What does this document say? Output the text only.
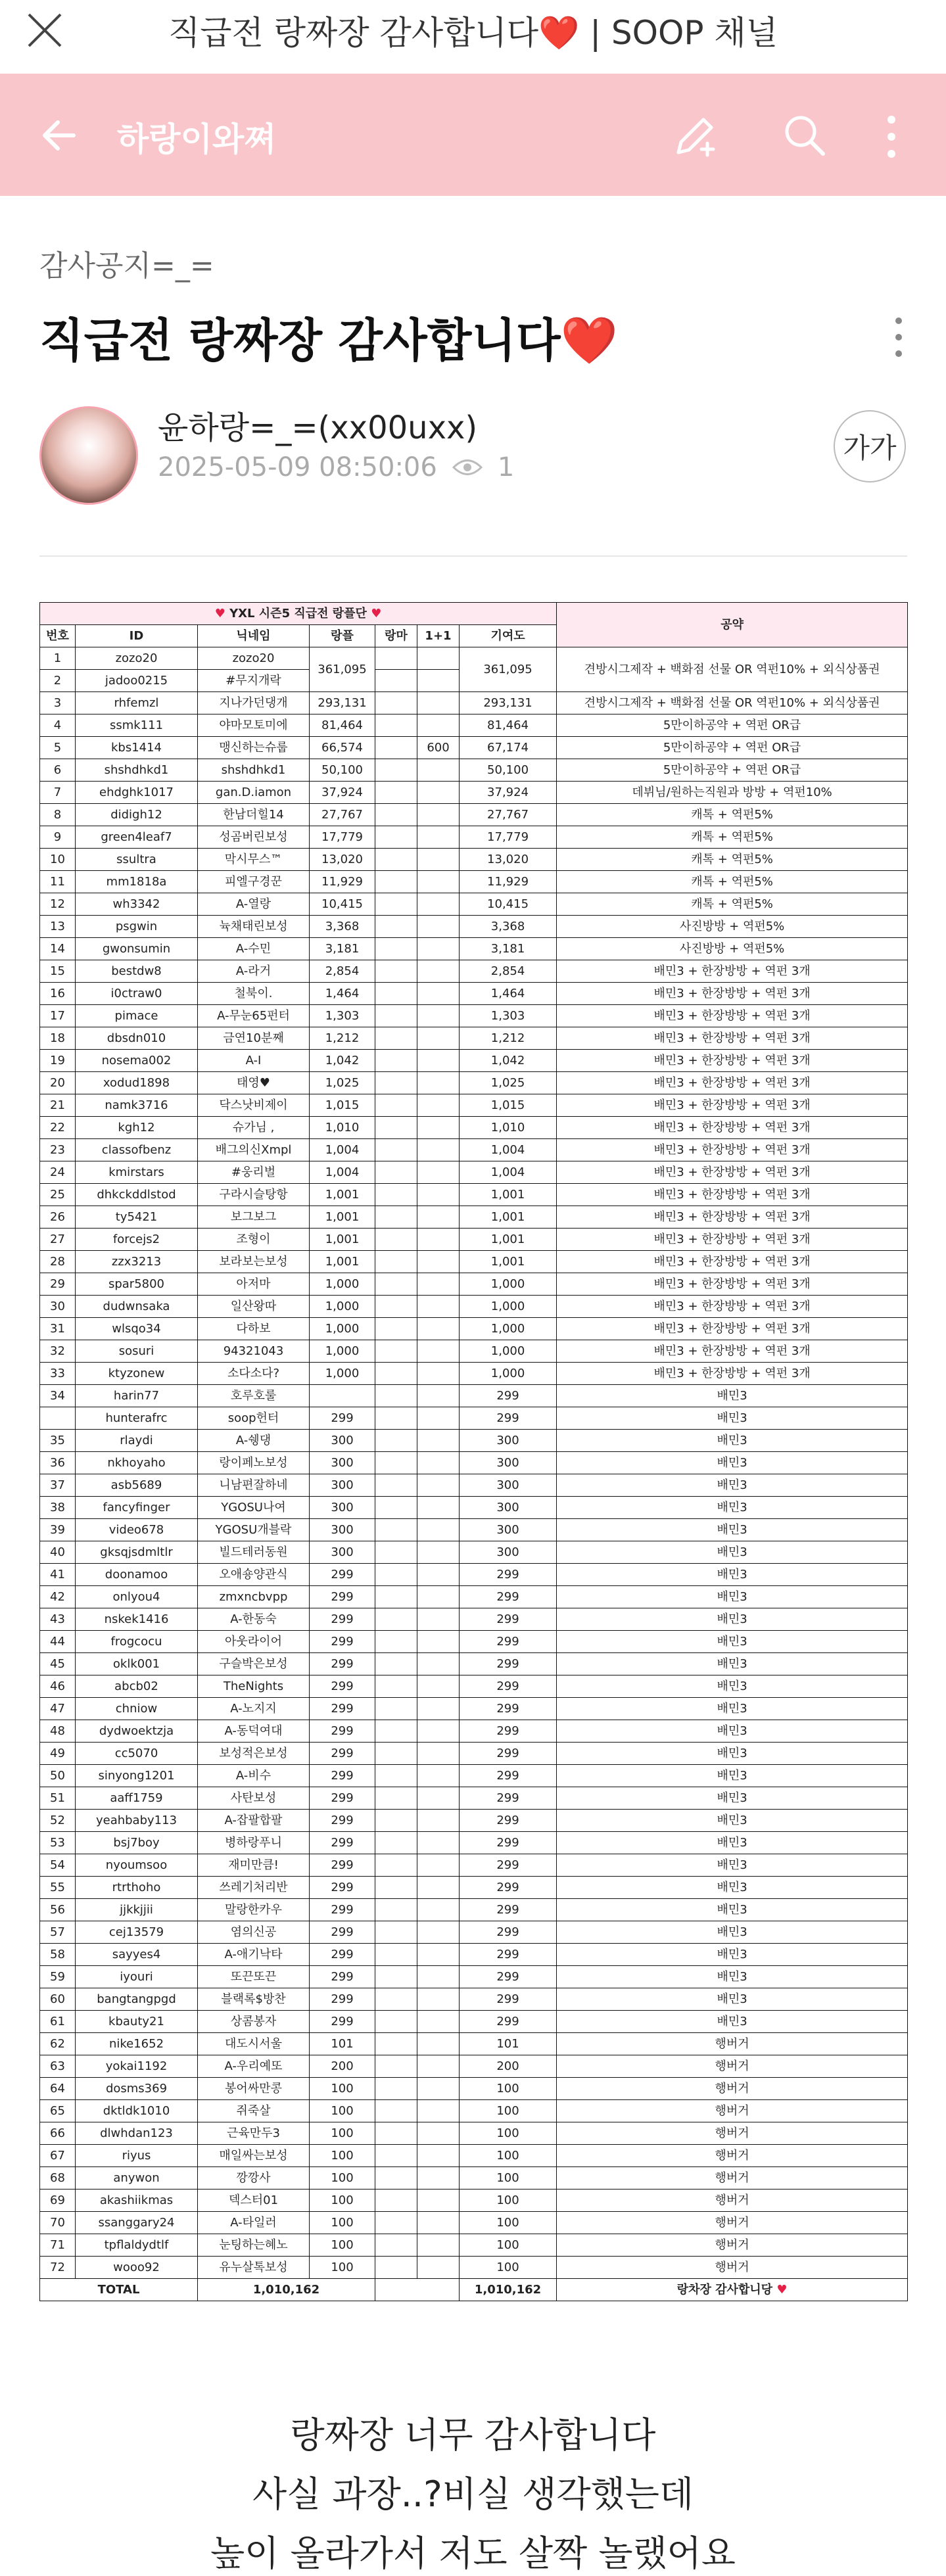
직급전 랑짜장 감사합니다❤️ | SOOP 채널
하랑이와쪄
감사공지=_=
직급전 랑짜장 감사합니다❤️
윤하랑=_=(xx00uxx)
2025-05-09 08:50:06 1
가가
♥ YXL 시즌5 직급전 랑플단 ♥							공약
번호	ID	닉네임	랑플	랑마	1+1	기여도	
1	zozo20	zozo20	361,095			361,095	견방시그제작 + 백화점 선물 OR 역펀10% + 외식상품권
2	jadoo0215	#무지개락					
3	rhfemzl	지나가던댕개	293,131			293,131	견방시그제작 + 백화점 선물 OR 역펀10% + 외식상품권
4	ssmk111	야마모토미에	81,464			81,464	5만이하공약 + 역펀 OR급
5	kbs1414	맹신하는슈룹	66,574		600	67,174	5만이하공약 + 역펀 OR급
6	shshdhkd1	shshdhkd1	50,100			50,100	5만이하공약 + 역펀 OR급
7	ehdghk1017	gan.D.iamon	37,924			37,924	데뷔님/원하는직원과 방방 + 역펀10%
8	didigh12	한남더힐14	27,767			27,767	캐톡 + 역펀5%
9	green4leaf7	성곰버린보성	17,779			17,779	캐톡 + 역펀5%
10	ssultra	막시무스™	13,020			13,020	캐톡 + 역펀5%
11	mm1818a	피엘구경꾼	11,929			11,929	캐톡 + 역펀5%
12	wh3342	A-열랑	10,415			10,415	캐톡 + 역펀5%
13	psgwin	뉵채태린보성	3,368			3,368	사진방방 + 역펀5%
14	gwonsumin	A-수민	3,181			3,181	사진방방 + 역펀5%
15	bestdw8	A-라거	2,854			2,854	배민3 + 한장방방 + 역펀 3개
16	i0ctraw0	철북이.	1,464			1,464	배민3 + 한장방방 + 역펀 3개
17	pimace	A-무눈65펀터	1,303			1,303	배민3 + 한장방방 + 역펀 3개
18	dbsdn010	금연10분째	1,212			1,212	배민3 + 한장방방 + 역펀 3개
19	nosema002	A-I	1,042			1,042	배민3 + 한장방방 + 역펀 3개
20	xodud1898	태영♥	1,025			1,025	배민3 + 한장방방 + 역펀 3개
21	namk3716	닥스낫비제이	1,015			1,015	배민3 + 한장방방 + 역펀 3개
22	kgh12	슈가님 ,	1,010			1,010	배민3 + 한장방방 + 역펀 3개
23	classofbenz	배그의신Xmpl	1,004			1,004	배민3 + 한장방방 + 역펀 3개
24	kmirstars	#웅리벌	1,004			1,004	배민3 + 한장방방 + 역펀 3개
25	dhkckddlstod	구라시슬탕항	1,001			1,001	배민3 + 한장방방 + 역펀 3개
26	ty5421	보그보그	1,001			1,001	배민3 + 한장방방 + 역펀 3개
27	forcejs2	조형이	1,001			1,001	배민3 + 한장방방 + 역펀 3개
28	zzx3213	보라보는보성	1,001			1,001	배민3 + 한장방방 + 역펀 3개
29	spar5800	아저마	1,000			1,000	배민3 + 한장방방 + 역펀 3개
30	dudwnsaka	일산왕따	1,000			1,000	배민3 + 한장방방 + 역펀 3개
31	wlsqo34	다하보	1,000			1,000	배민3 + 한장방방 + 역펀 3개
32	sosuri	94321043	1,000			1,000	배민3 + 한장방방 + 역펀 3개
33	ktyzonew	소다소다?	1,000			1,000	배민3 + 한장방방 + 역펀 3개
34	harin77	호루호룰				299	배민3
	hunterafrc	soop헌터	299			299	배민3
35	rlaydi	A-쉥댕	300			300	배민3
36	nkhoyaho	랑이페노보성	300			300	배민3
37	asb5689	니남편잘하네	300			300	배민3
38	fancyfinger	YGOSU나여	300			300	배민3
39	video678	YGOSU개블락	300			300	배민3
40	gksqjsdmltlr	빌드테러동원	300			300	배민3
41	doonamoo	오애숑양관식	299			299	배민3
42	onlyou4	zmxncbvpp	299			299	배민3
43	nskek1416	A-한동숙	299			299	배민3
44	frogcocu	아웃라이어	299			299	배민3
45	oklk001	구슬박은보성	299			299	배민3
46	abcb02	TheNights	299			299	배민3
47	chniow	A-노지지	299			299	배민3
48	dydwoektzja	A-동덕여대	299			299	배민3
49	cc5070	보성적은보성	299			299	배민3
50	sinyong1201	A-비수	299			299	배민3
51	aaff1759	사탄보성	299			299	배민3
52	yeahbaby113	A-잡팔합팔	299			299	배민3
53	bsj7boy	병하랑푸니	299			299	배민3
54	nyoumsoo	재미만큼!	299			299	배민3
55	rtrthoho	쓰레기처리반	299			299	배민3
56	jjkkjjii	말랑한카우	299			299	배민3
57	cej13579	염의신공	299			299	배민3
58	sayyes4	A-애기낙타	299			299	배민3
59	iyouri	또끈또끈	299			299	배민3
60	bangtangpgd	블랙록$방찬	299			299	배민3
61	kbauty21	상콤봉자	299			299	배민3
62	nike1652	대도시서울	101			101	행버거
63	yokai1192	A-우리예또	200			200	행버거
64	dosms369	봉어싸만콩	100			100	행버거
65	dktldk1010	쥐죽살	100			100	행버거
66	dlwhdan123	근육만두3	100			100	행버거
67	riyus	매일싸는보성	100			100	행버거
68	anywon	깡깡사	100			100	행버거
69	akashiikmas	덱스터01	100			100	행버거
70	ssanggary24	A-타일러	100			100	행버거
71	tpflaldydtlf	눈팅하는혜노	100			100	행버거
72	wooo92	유누살톡보성	100			100	행버거
TOTAL		1,010,162				1,010,162	랑차장 감사합니당 ♥
랑짜장 너무 감사합니다
사실 과장..?비실 생각했는데
높이 올라가서 저도 살짝 놀랬어요
